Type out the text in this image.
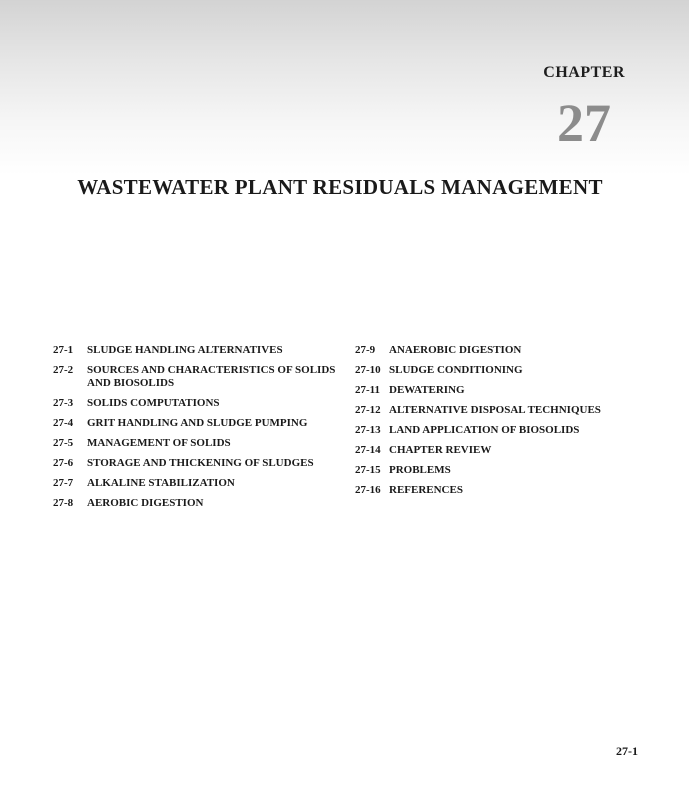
CHAPTER
27
WASTEWATER PLANT RESIDUALS MANAGEMENT
27-1	SLUDGE HANDLING ALTERNATIVES
27-2	SOURCES AND CHARACTERISTICS OF SOLIDS AND BIOSOLIDS
27-3	SOLIDS COMPUTATIONS
27-4	GRIT HANDLING AND SLUDGE PUMPING
27-5	MANAGEMENT OF SOLIDS
27-6	STORAGE AND THICKENING OF SLUDGES
27-7	ALKALINE STABILIZATION
27-8	AEROBIC DIGESTION
27-9	ANAEROBIC DIGESTION
27-10 SLUDGE CONDITIONING
27-11 DEWATERING
27-12 ALTERNATIVE DISPOSAL TECHNIQUES
27-13 LAND APPLICATION OF BIOSOLIDS
27-14 CHAPTER REVIEW
27-15 PROBLEMS
27-16 REFERENCES
27-1
